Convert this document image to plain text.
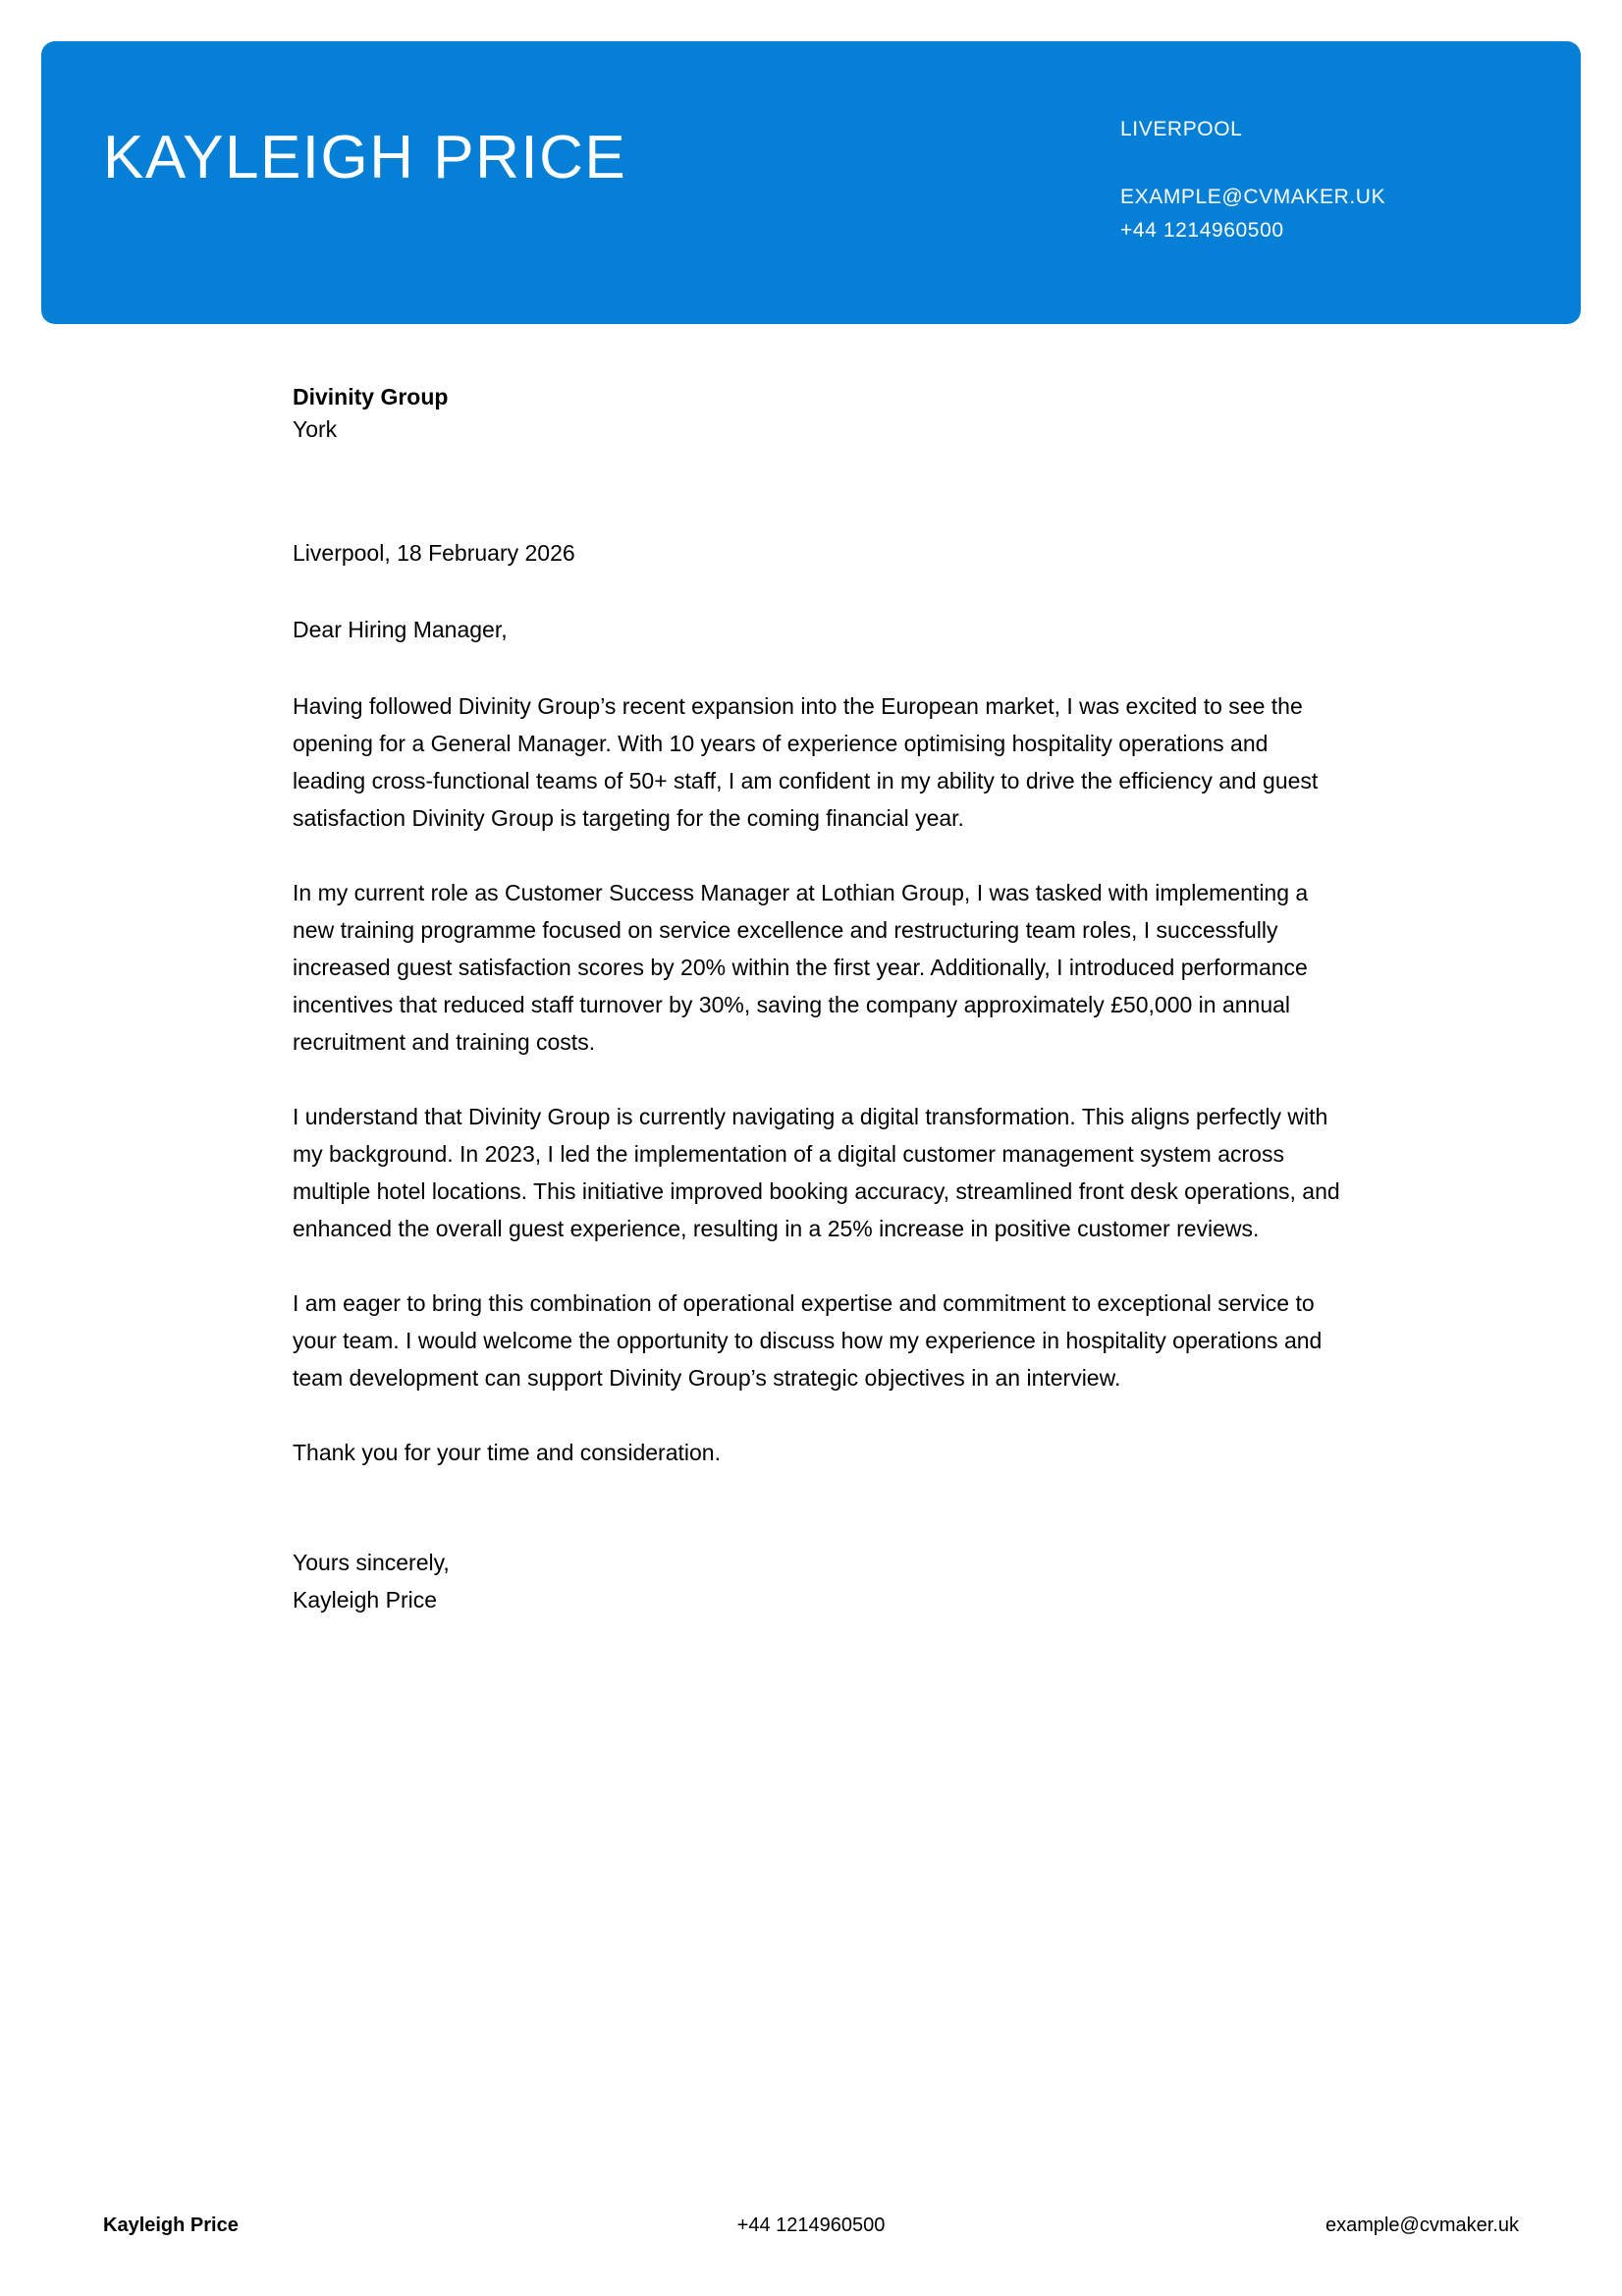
KAYLEIGH PRICE	LIVERPOOL
EXAMPLE@CVMAKER.UK
+44 1214960500
Divinity Group
York
Liverpool, 18 February 2026
Dear Hiring Manager,

Having followed Divinity Group’s recent expansion into the European market, I was excited to see the opening for a General Manager. With 10 years of experience optimising hospitality operations and leading cross-functional teams of 50+ staff, I am confident in my ability to drive the efficiency and guest satisfaction Divinity Group is targeting for the coming financial year.

In my current role as Customer Success Manager at Lothian Group, I was tasked with implementing a new training programme focused on service excellence and restructuring team roles, I successfully increased guest satisfaction scores by 20% within the first year. Additionally, I introduced performance incentives that reduced staff turnover by 30%, saving the company approximately £50,000 in annual recruitment and training costs.

I understand that Divinity Group is currently navigating a digital transformation. This aligns perfectly with my background. In 2023, I led the implementation of a digital customer management system across multiple hotel locations. This initiative improved booking accuracy, streamlined front desk operations, and enhanced the overall guest experience, resulting in a 25% increase in positive customer reviews.

I am eager to bring this combination of operational expertise and commitment to exceptional service to your team. I would welcome the opportunity to discuss how my experience in hospitality operations and team development can support Divinity Group’s strategic objectives in an interview.

Thank you for your time and consideration.

Yours sincerely,
Kayleigh Price
Kayleigh Price	+44 1214960500	example@cvmaker.uk
